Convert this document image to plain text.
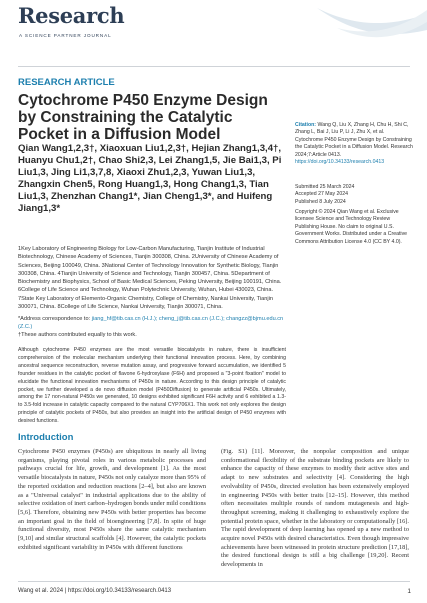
Research
A SCIENCE PARTNER JOURNAL
RESEARCH ARTICLE
Cytochrome P450 Enzyme Design by Constraining the Catalytic Pocket in a Diffusion Model
Qian Wang1,2,3†, Xiaoxuan Liu1,2,3†, Hejian Zhang1,3,4†, Huanyu Chu1,2†, Chao Shi2,3, Lei Zhang1,5, Jie Bai1,3, Pi Liu1,3, Jing Li1,3,7,8, Xiaoxi Zhu1,2,3, Yuwan Liu1,3, Zhangxin Chen5, Rong Huang1,3, Hong Chang1,3, Tian Liu1,3, Zhenzhan Chang1*, Jian Cheng1,3*, and Huifeng Jiang1,3*
1Key Laboratory of Engineering Biology for Low-Carbon Manufacturing, Tianjin Institute of Industrial Biotechnology, Chinese Academy of Sciences, Tianjin 300308, China. 2University of Chinese Academy of Sciences, Beijing 100049, China. 3National Center of Technology Innovation for Synthetic Biology, Tianjin 300308, China. 4Tianjin University of Science and Technology, Tianjin 300457, China. 5Department of Biochemistry and Biophysics, School of Basic Medical Sciences, Peking University, Beijing 100191, China. 6College of Life Science and Technology, Wuhan Polytechnic University, Wuhan, Hubei 430023, China. 7State Key Laboratory of Elemento-Organic Chemistry, College of Chemistry, Nankai University, Tianjin 300071, China. 8College of Life Science, Nankai University, Tianjin 300071, China.
*Address correspondence to: jiang_hf@tib.cas.cn (H.J.); cheng_j@tib.cas.cn (J.C.); changzz@bjmu.edu.cn (Z.C.)
†These authors contributed equally to this work.
Although cytochrome P450 enzymes are the most versatile biocatalysts in nature, there is insufficient comprehension of the molecular mechanism underlying their functional innovation process. Here, by combining ancestral sequence reconstruction, reverse mutation assay, and progressive forward accumulation, we identified 5 founder residues in the catalytic pocket of flavone 6-hydroxylase (F6H) and proposed a "3-point fixation" model to elucidate the functional innovation mechanisms of P450s in nature. According to this design principle of catalytic pocket, we further developed a de novo diffusion model (P450Diffusion) to generate artificial P450s. Ultimately, among the 17 non-natural P450s we generated, 10 designs exhibited significant F6H activity and 6 exhibited a 1.3- to 3.5-fold increase in catalytic capacity compared to the natural CYP706X1. This work not only explores the design principle of catalytic pockets of P450s, but also provides an insight into the artificial design of P450 enzymes with desired functions.
Citation: Wang Q, Liu X, Zhang H, Chu H, Shi C, Zhang L, Bai J, Liu P, Li J, Zhu X, et al. Cytochrome P450 Enzyme Design by Constraining the Catalytic Pocket in a Diffusion Model. Research 2024;7:Article 0413. https://doi.org/10.34133/research.0413
Submitted 25 March 2024
Accepted 27 May 2024
Published 8 July 2024
Copyright © 2024 Qian Wang et al. Exclusive licensee Science and Technology Review Publishing House. No claim to original U.S. Government Works. Distributed under a Creative Commons Attribution License 4.0 (CC BY 4.0).
Introduction
Cytochrome P450 enzymes (P450s) are ubiquitous in nearly all living organisms, playing pivotal roles in various metabolic processes and pathways crucial for life, growth, and development [1]. As the most versatile biocatalysts in nature, P450s not only catalyze more than 95% of the reported oxidation and reduction reactions [2–4], but also are known as a "Universal catalyst" in industrial applications due to the ability of selective oxidation of inert carbon–hydrogen bonds under mild conditions [5,6]. Therefore, obtaining new P450s with better properties has become an important goal in the field of bioengineering [7,8]. In spite of huge functional diversity, most P450s share the same catalytic mechanism [9,10] and similar structural scaffolds [4]. However, the catalytic pockets exhibited significant variability in P450s with different functions
(Fig. S1) [11]. Moreover, the nonpolar composition and unique conformational flexibility of the substrate binding pockets are likely to enhance the capacity of these enzymes to modify their active sites and adapt to new substrates and selectivity [4]. Considering the high evolvability of P450s, directed evolution has been extensively employed in engineering P450s with better traits [12–15]. However, this method often necessitates multiple rounds of random mutagenesis and high-throughput screening, making it challenging to exhaustively explore the potential protein space, whether in the laboratory or computationally [16]. The rapid development of deep learning has opened up a new method to acquire novel P450s with desired characteristics. Even though impressive achievements have been witnessed in protein structure prediction [17,18], the desired functional design is still a big challenge [19,20]. Recent developments in
Wang et al. 2024 | https://doi.org/10.34133/research.0413	1
